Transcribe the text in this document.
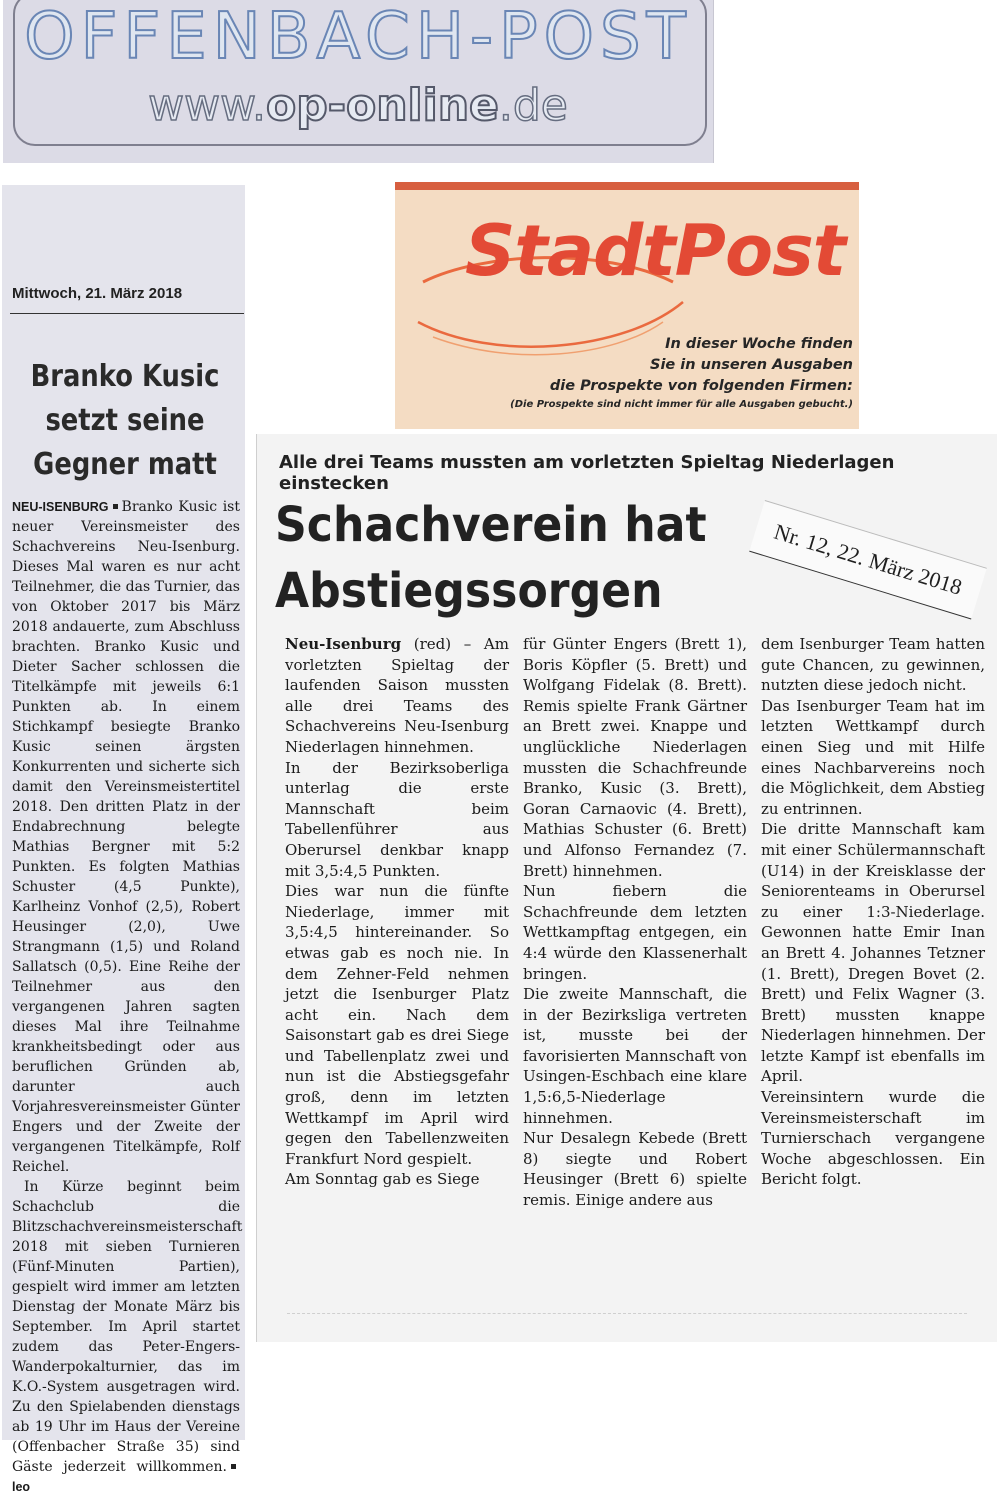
OFFENBACH-POST
www.op-online.de
Mittwoch, 21. März 2018
Branko Kusic setzt seine Gegner matt

NEU-ISENBURG Branko Kusic ist neuer Vereinsmeister des Schachvereins Neu-Isenburg. Dieses Mal waren es nur acht Teilnehmer, die das Turnier, das von Oktober 2017 bis März 2018 andauerte, zum Abschluss brachten. Branko Kusic und Dieter Sacher schlossen die Titelkämpfe mit jeweils 6:1 Punkten ab. In einem Stichkampf besiegte Branko Kusic seinen ärgsten Konkurrenten und sicherte sich damit den Vereinsmeistertitel 2018. Den dritten Platz in der Endabrechnung belegte Mathias Bergner mit 5:2 Punkten. Es folgten Mathias Schuster (4,5 Punkte), Karlheinz Vonhof (2,5), Robert Heusinger (2,0), Uwe Strangmann (1,5) und Roland Sallatsch (0,5). Eine Reihe der Teilnehmer aus den vergangenen Jahren sagten dieses Mal ihre Teilnahme krankheitsbedingt oder aus beruflichen Gründen ab, darunter auch Vorjahresvereinsmeister Günter Engers und der Zweite der vergangenen Titelkämpfe, Rolf Reichel.

In Kürze beginnt beim Schachclub die Blitzschachvereinsmeisterschaft 2018 mit sieben Turnieren (Fünf-Minuten Partien), gespielt wird immer am letzten Dienstag der Monate März bis September. Im April startet zudem das Peter-Engers-Wanderpokalturnier, das im K.O.-System ausgetragen wird. Zu den Spielabenden dienstags ab 19 Uhr im Haus der Vereine (Offenbacher Straße 35) sind Gäste jederzeit willkommen.leo

StadtPost
In dieser Woche finden
Sie in unseren Ausgaben
die Prospekte von folgenden Firmen:
(Die Prospekte sind nicht immer für alle Ausgaben gebucht.)
Alle drei Teams mussten am vorletzten Spieltag Niederlagen einstecken
Schachverein hat Abstiegssorgen	Nr. 12, 22. März 2018

Neu-Isenburg (red) – Am vorletzten Spieltag der laufenden Saison mussten alle drei Teams des Schachvereins Neu-Isenburg Niederlagen hinnehmen.

In der Bezirksoberliga unterlag die erste Mannschaft beim Tabellenführer aus Oberursel denkbar knapp mit 3,5:4,5 Punkten.

Dies war nun die fünfte Niederlage, immer mit 3,5:4,5 hintereinander. So etwas gab es noch nie. In dem Zehner-Feld nehmen jetzt die Isenburger Platz acht ein. Nach dem Saisonstart gab es drei Siege und Tabellenplatz zwei und nun ist die Abstiegsgefahr groß, denn im letzten Wettkampf im April wird gegen den Tabellenzweiten Frankfurt Nord gespielt.

Am Sonntag gab es Siege

für Günter Engers (Brett 1), Boris Köpfler (5. Brett) und Wolfgang Fidelak (8. Brett). Remis spielte Frank Gärtner an Brett zwei. Knappe und unglückliche Niederlagen mussten die Schachfreunde Branko, Kusic (3. Brett), Goran Carnaovic (4. Brett), Mathias Schuster (6. Brett) und Alfonso Fernandez (7. Brett) hinnehmen.

Nun fiebern die Schachfreunde dem letzten Wettkampftag entgegen, ein 4:4 würde den Klassenerhalt bringen.

Die zweite Mannschaft, die in der Bezirksliga vertreten ist, musste bei der favorisierten Mannschaft von Usingen-Eschbach eine klare 1,5:6,5-Niederlage hinnehmen.

Nur Desalegn Kebede (Brett 8) siegte und Robert Heusinger (Brett 6) spielte remis. Einige andere aus

dem Isenburger Team hatten gute Chancen, zu gewinnen, nutzten diese jedoch nicht.

Das Isenburger Team hat im letzten Wettkampf durch einen Sieg und mit Hilfe eines Nachbarvereins noch die Möglichkeit, dem Abstieg zu entrinnen.

Die dritte Mannschaft kam mit einer Schülermannschaft (U14) in der Kreisklasse der Seniorenteams in Oberursel zu einer 1:3-Niederlage. Gewonnen hatte Emir Inan an Brett 4. Johannes Tetzner (1. Brett), Dregen Bovet (2. Brett) und Felix Wagner (3. Brett) mussten knappe Niederlagen hinnehmen. Der letzte Kampf ist ebenfalls im April.

Vereinsintern wurde die Vereinsmeisterschaft im Turnierschach vergangene Woche abgeschlossen. Ein Bericht folgt.
